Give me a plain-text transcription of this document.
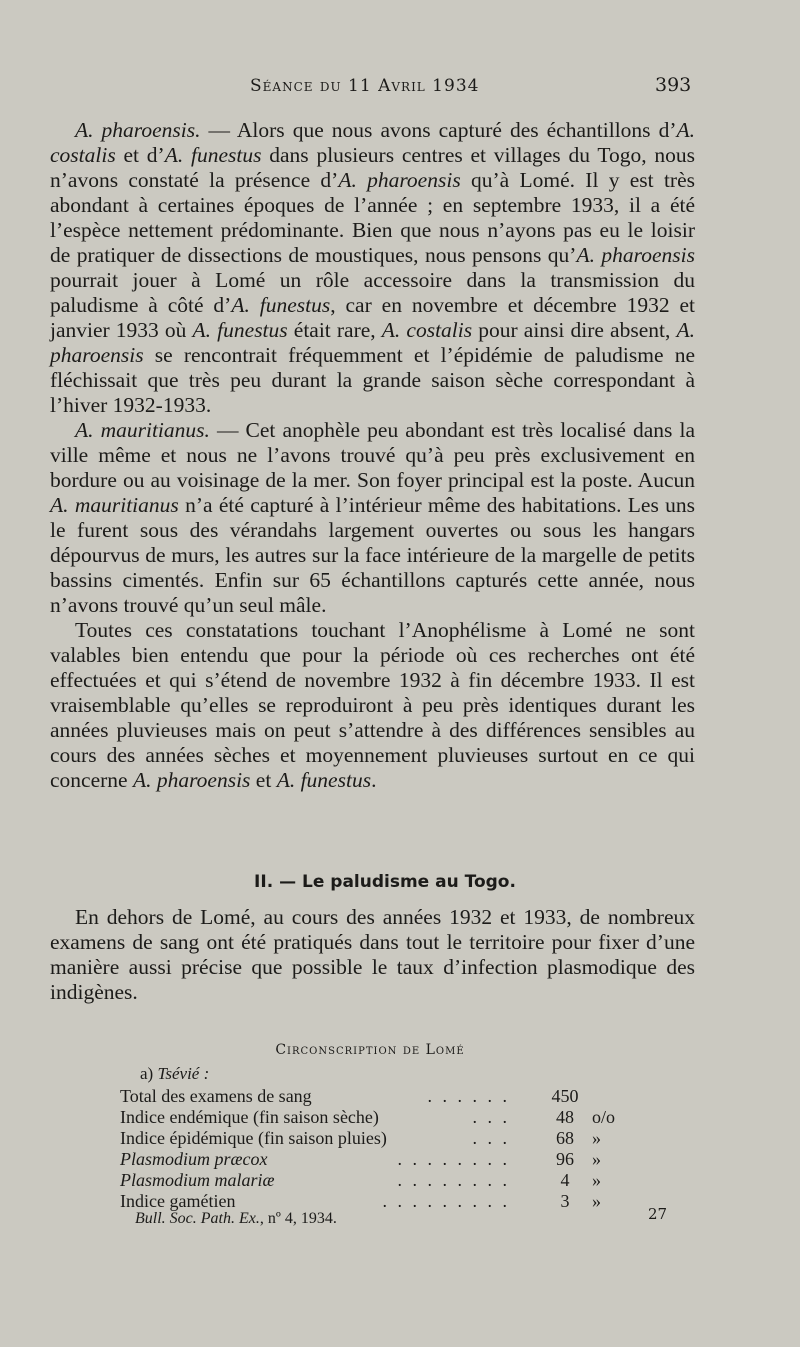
Séance du 11 Avril 1934	393

A. pharoensis. — Alors que nous avons capturé des échantillons d’A. costalis et d’A. funestus dans plusieurs centres et villages du Togo, nous n’avons constaté la présence d’A. pharoensis qu’à Lomé. Il y est très abondant à certaines époques de l’année ; en septembre 1933, il a été l’espèce nettement prédominante. Bien que nous n’ayons pas eu le loisir de pratiquer de dissections de moustiques, nous pensons qu’A. pharoensis pourrait jouer à Lomé un rôle accessoire dans la transmission du paludisme à côté d’A. funestus, car en novembre et décembre 1932 et janvier 1933 où A. funestus était rare, A. costalis pour ainsi dire absent, A. pharoensis se rencontrait fréquemment et l’épidémie de paludisme ne fléchissait que très peu durant la grande saison sèche correspondant à l’hiver 1932-1933.

A. mauritianus. — Cet anophèle peu abondant est très localisé dans la ville même et nous ne l’avons trouvé qu’à peu près exclusivement en bordure ou au voisinage de la mer. Son foyer principal est la poste. Aucun A. mauritianus n’a été capturé à l’intérieur même des habitations. Les uns le furent sous des vérandahs largement ouvertes ou sous les hangars dépourvus de murs, les autres sur la face intérieure de la margelle de petits bassins cimentés. Enfin sur 65 échantillons capturés cette année, nous n’avons trouvé qu’un seul mâle.

Toutes ces constatations touchant l’Anophélisme à Lomé ne sont valables bien entendu que pour la période où ces recherches ont été effectuées et qui s’étend de novembre 1932 à fin décembre 1933. Il est vraisemblable qu’elles se reproduiront à peu près identiques durant les années pluvieuses mais on peut s’attendre à des différences sensibles au cours des années sèches et moyennement pluvieuses surtout en ce qui concerne A. pharoensis et A. funestus.

II. — Le paludisme au Togo.

En dehors de Lomé, au cours des années 1932 et 1933, de nombreux examens de sang ont été pratiqués dans tout le territoire pour fixer d’une manière aussi précise que possible le taux d’infection plasmodique des indigènes.

Circonscription de Lomé
a) Tsévié :
Total des examens de sang	. . . . . . 450
Indice endémique (fin saison sèche)	. . .	48	o/o
Indice épidémique (fin saison pluies)	. . .	68	»
Plasmodium præcox	. . . . . . . .	96	»
Plasmodium malariæ	. . . . . . . .	4	»
Indice gamétien	. . . . . . . . .	3	»
Bull. Soc. Path. Ex., nº 4, 1934.	27
